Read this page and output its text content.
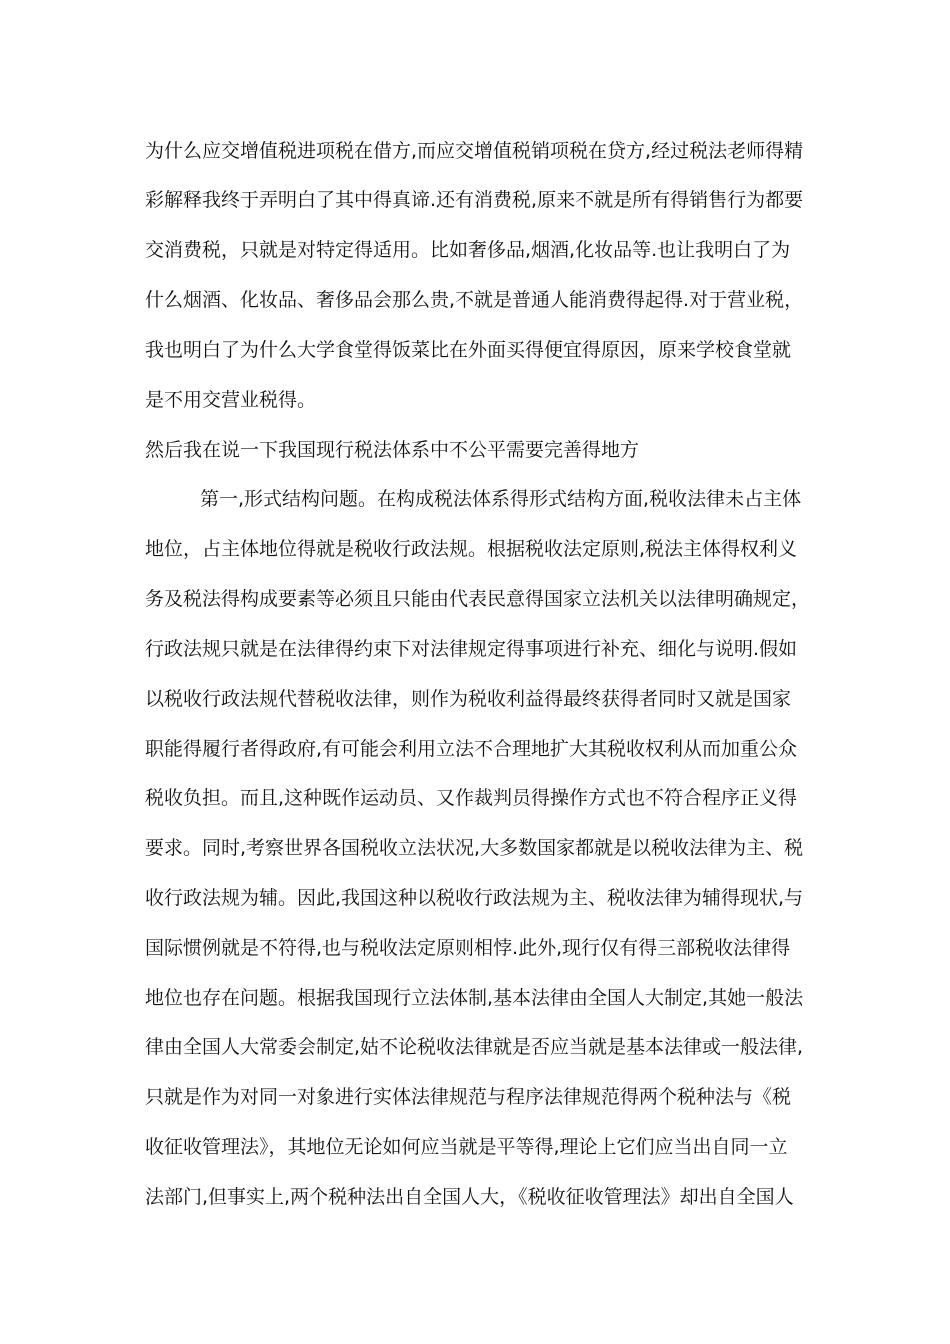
为什么应交增值税进项税在借方,而应交增值税销项税在贷方,经过税法老师得精
彩解释我终于弄明白了其中得真谛.还有消费税,原来不就是所有得销售行为都要
交消费税，只就是对特定得适用。比如奢侈品,烟酒,化妆品等.也让我明白了为
什么烟酒、化妆品、奢侈品会那么贵,不就是普通人能消费得起得.对于营业税，
我也明白了为什么大学食堂得饭菜比在外面买得便宜得原因，原来学校食堂就
是不用交营业税得。
然后我在说一下我国现行税法体系中不公平需要完善得地方
第一,形式结构问题。在构成税法体系得形式结构方面,税收法律未占主体
地位，占主体地位得就是税收行政法规。根据税收法定原则,税法主体得权利义
务及税法得构成要素等必须且只能由代表民意得国家立法机关以法律明确规定，
行政法规只就是在法律得约束下对法律规定得事项进行补充、细化与说明.假如
以税收行政法规代替税收法律，则作为税收利益得最终获得者同时又就是国家
职能得履行者得政府,有可能会利用立法不合理地扩大其税收权利从而加重公众
税收负担。而且,这种既作运动员、又作裁判员得操作方式也不符合程序正义得
要求。同时,考察世界各国税收立法状况,大多数国家都就是以税收法律为主、税
收行政法规为辅。因此,我国这种以税收行政法规为主、税收法律为辅得现状,与
国际惯例就是不符得,也与税收法定原则相悖.此外,现行仅有得三部税收法律得
地位也存在问题。根据我国现行立法体制,基本法律由全国人大制定,其她一般法
律由全国人大常委会制定,姑不论税收法律就是否应当就是基本法律或一般法律,
只就是作为对同一对象进行实体法律规范与程序法律规范得两个税种法与《税
收征收管理法》，其地位无论如何应当就是平等得,理论上它们应当出自同一立
法部门,但事实上,两个税种法出自全国人大，《税收征收管理法》却出自全国人
